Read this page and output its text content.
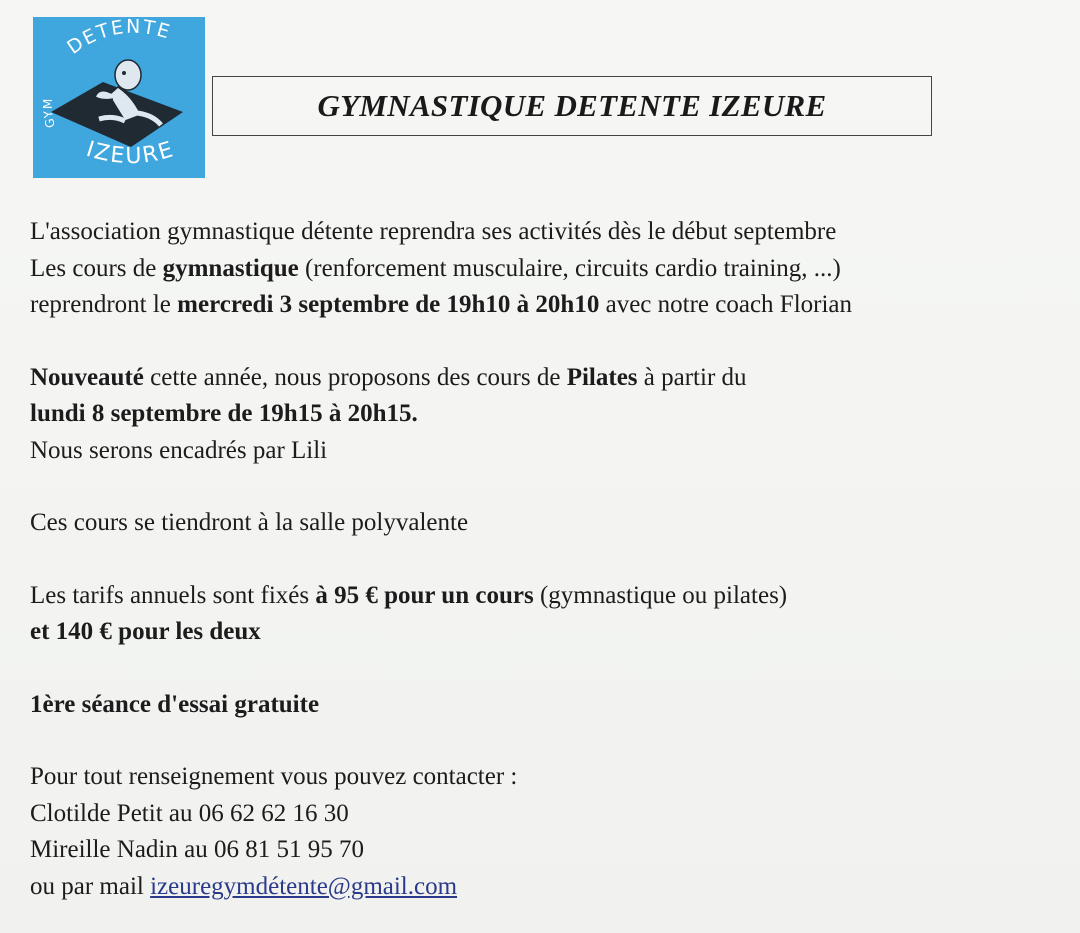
DETENTE
GYM
IZEURE
GYMNASTIQUE DETENTE IZEURE

L'association gymnastique détente reprendra ses activités dès le début septembre

Les cours de gymnastique (renforcement musculaire, circuits cardio training, ...)

reprendront le mercredi 3 septembre de 19h10 à 20h10 avec notre coach Florian

Nouveauté cette année, nous proposons des cours de Pilates à partir du

lundi 8 septembre de 19h15 à 20h15.

Nous serons encadrés par Lili

Ces cours se tiendront à la salle polyvalente

Les tarifs annuels sont fixés à 95 € pour un cours (gymnastique ou pilates)

et 140 € pour les deux

1ère séance d'essai gratuite

Pour tout renseignement vous pouvez contacter :

Clotilde Petit au 06 62 62 16 30

Mireille Nadin au 06 81 51 95 70

ou par mail izeuregymdétente@gmail.com
